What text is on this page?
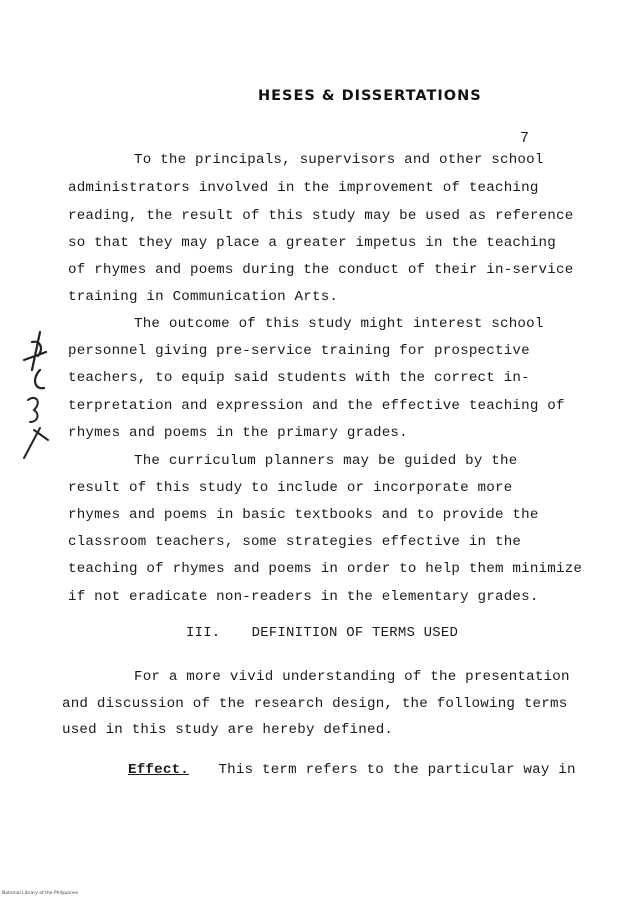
HESES & DISSERTATIONS
7
To the principals, supervisors and other school
administrators involved in the improvement of teaching
reading, the result of this study may be used as reference
so that they may place a greater impetus in the teaching
of rhymes and poems during the conduct of their in-service
training in Communication Arts.
The outcome of this study might interest school
personnel giving pre-service training for prospective
teachers, to equip said students with the correct in-
terpretation and expression and the effective teaching of
rhymes and poems in the primary grades.
The curriculum planners may be guided by the
result of this study to include or incorporate more
rhymes and poems in basic textbooks and to provide the
classroom teachers, some strategies effective in the
teaching of rhymes and poems in order to help them minimize
if not eradicate non-readers in the elementary grades.
III. DEFINITION OF TERMS USED
For a more vivid understanding of the presentation
and discussion of the research design, the following terms
used in this study are hereby defined.
Effect. This term refers to the particular way in
National Library of the Philippines
